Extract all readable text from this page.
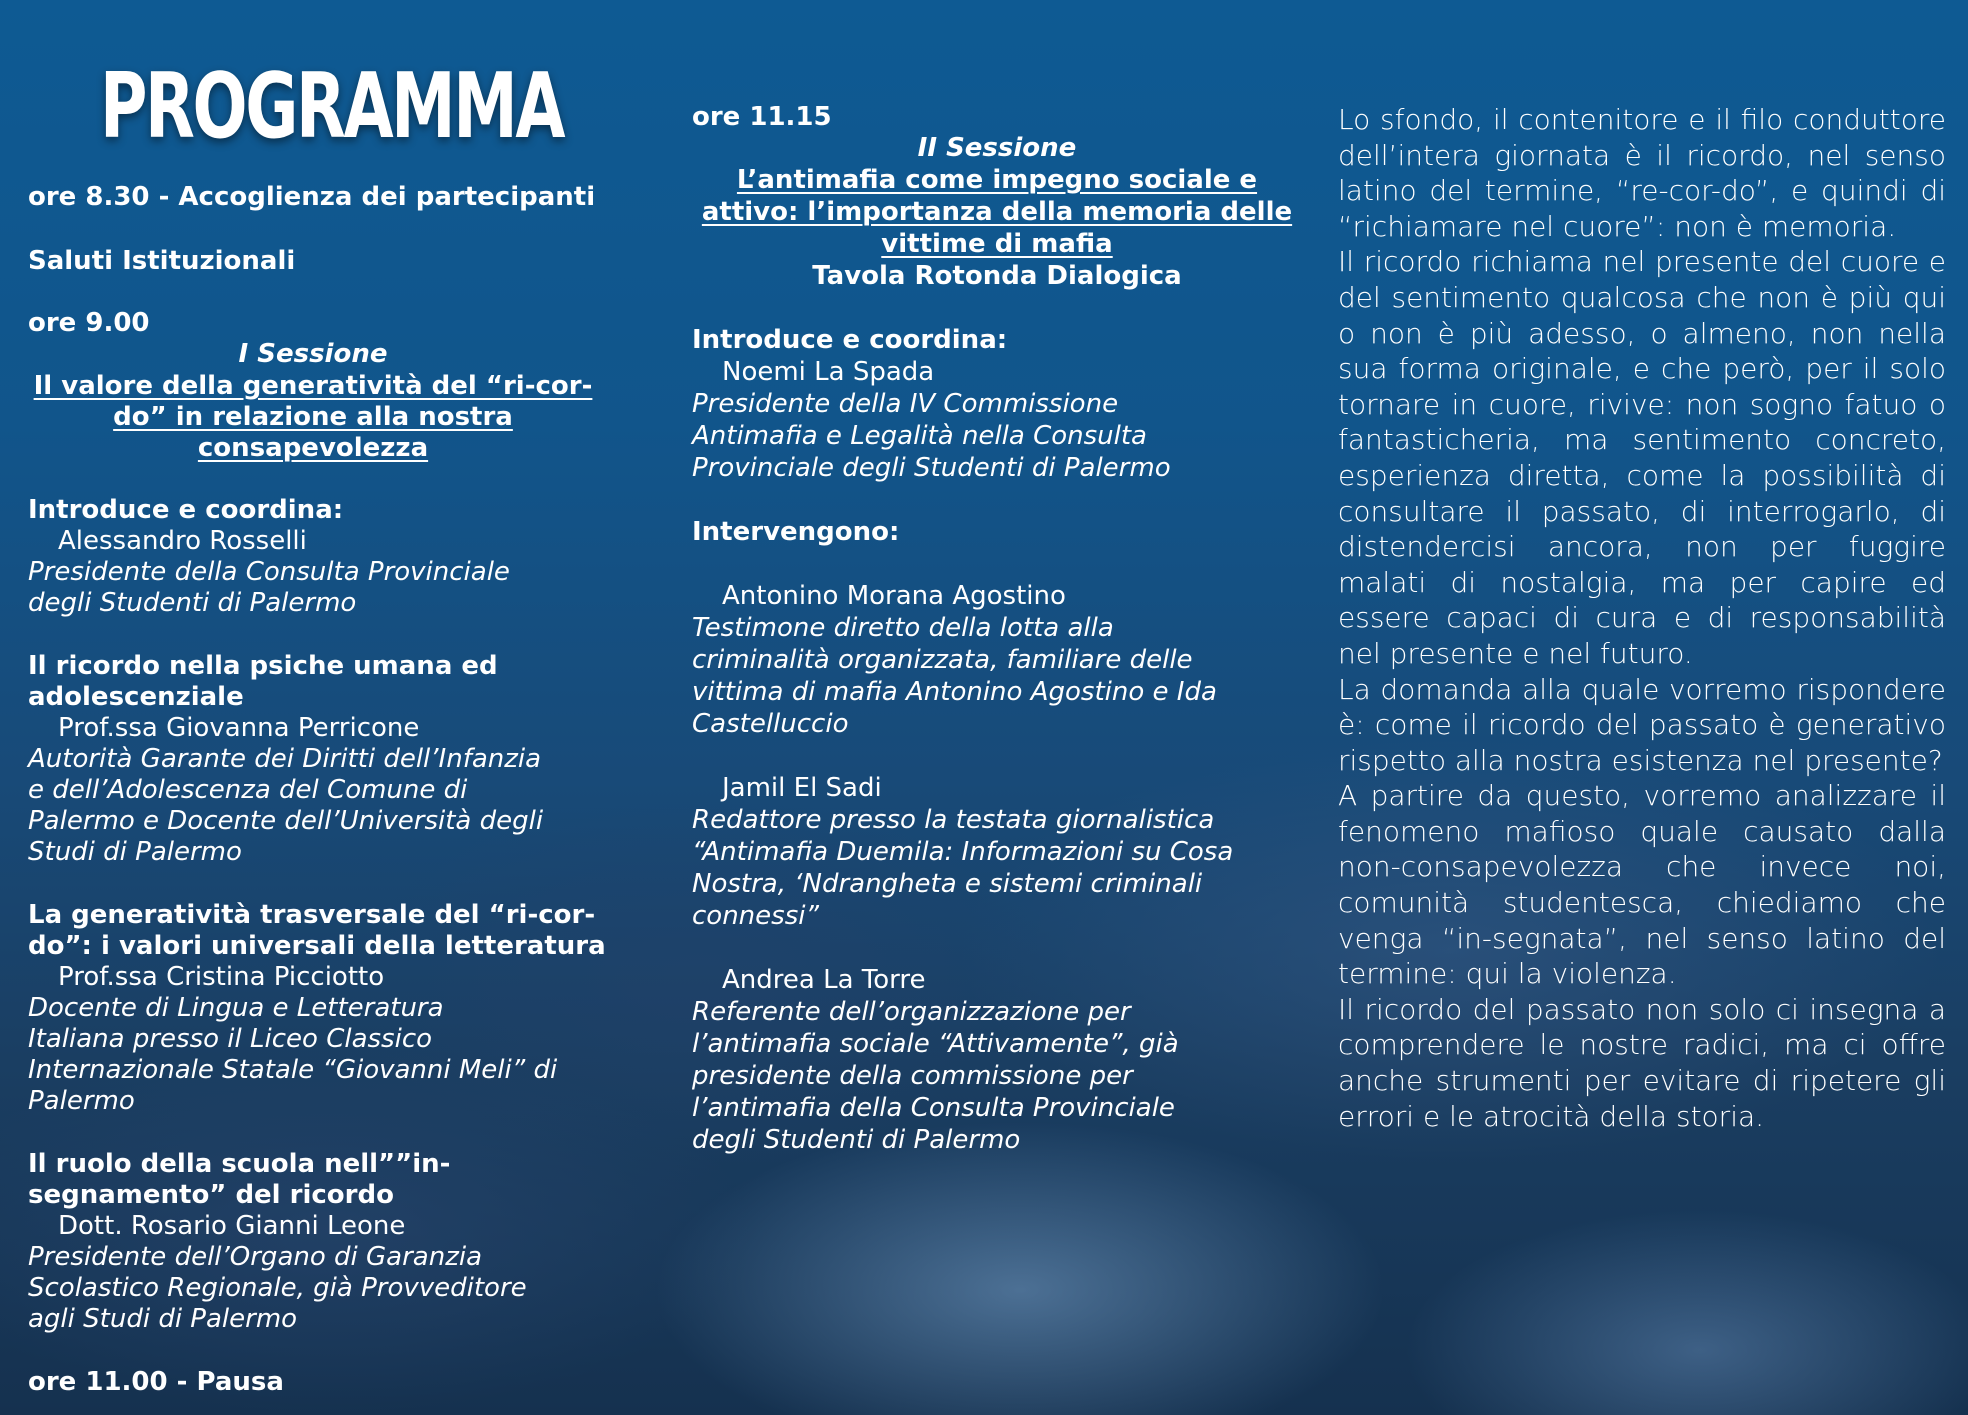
PROGRAMMA
ore 8.30 - Accoglienza dei partecipanti
Saluti Istituzionali
ore 9.00
I Sessione
Il valore della generatività del “ri-cor-
do” in relazione alla nostra
consapevolezza
Introduce e coordina:
Alessandro Rosselli
Presidente della Consulta Provinciale
degli Studenti di Palermo
Il ricordo nella psiche umana ed
adolescenziale
Prof.ssa Giovanna Perricone
Autorità Garante dei Diritti dell’Infanzia
e dell’Adolescenza del Comune di
Palermo e Docente dell’Università degli
Studi di Palermo
La generatività trasversale del “ri-cor-
do”: i valori universali della letteratura
Prof.ssa Cristina Picciotto
Docente di Lingua e Letteratura
Italiana presso il Liceo Classico
Internazionale Statale “Giovanni Meli” di
Palermo
Il ruolo della scuola nell””in-
segnamento” del ricordo
Dott. Rosario Gianni Leone
Presidente dell’Organo di Garanzia
Scolastico Regionale, già Provveditore
agli Studi di Palermo
ore 11.00 - Pausa
ore 11.15
II Sessione
L’antimafia come impegno sociale e
attivo: l’importanza della memoria delle
vittime di mafia
Tavola Rotonda Dialogica
Introduce e coordina:
Noemi La Spada
Presidente della IV Commissione
Antimafia e Legalità nella Consulta
Provinciale degli Studenti di Palermo
Intervengono:
Antonino Morana Agostino
Testimone diretto della lotta alla
criminalità organizzata, familiare delle
vittima di mafia Antonino Agostino e Ida
Castelluccio
Jamil El Sadi
Redattore presso la testata giornalistica
“Antimafia Duemila: Informazioni su Cosa
Nostra, ‘Ndrangheta e sistemi criminali
connessi”
Andrea La Torre
Referente dell’organizzazione per
l’antimafia sociale “Attivamente”, già
presidente della commissione per
l’antimafia della Consulta Provinciale
degli Studenti di Palermo

Lo sfondo, il contenitore e il filo conduttore dell’intera giornata è il ricordo, nel senso latino del termine, “re-cor-do”, e quindi di “richiamare nel cuore”: non è memoria.

Il ricordo richiama nel presente del cuore e del sentimento qualcosa che non è più qui o non è più adesso, o almeno, non nella sua forma originale, e che però, per il solo tornare in cuore, rivive: non sogno fatuo o fantasticheria, ma sentimento concreto, esperienza diretta, come la possibilità di consultare il passato, di interrogarlo, di distendercisi ancora, non per fuggire malati di nostalgia, ma per capire ed essere capaci di cura e di responsabilità nel presente e nel futuro.

La domanda alla quale vorremo rispondere è: come il ricordo del passato è generativo rispetto alla nostra esistenza nel presente?

A partire da questo, vorremo analizzare il fenomeno mafioso quale causato dalla non-consapevolezza che invece noi, comunità studentesca, chiediamo che venga “in-segnata”, nel senso latino del termine: qui la violenza.

Il ricordo del passato non solo ci insegna a comprendere le nostre radici, ma ci offre anche strumenti per evitare di ripetere gli errori e le atrocità della storia.
